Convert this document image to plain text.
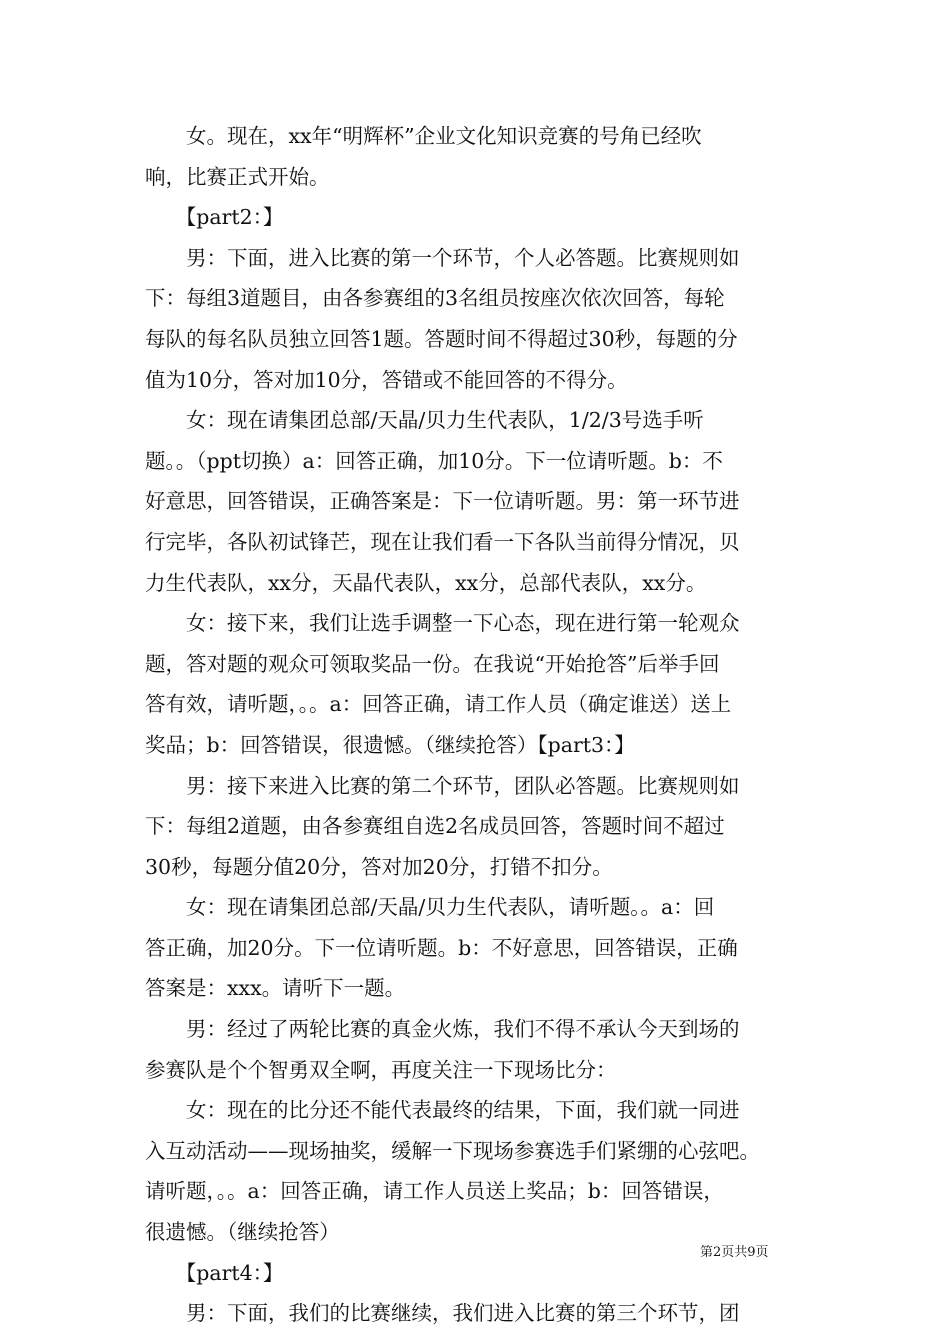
　　女。现在，xx年“明辉杯”企业文化知识竞赛的号角已经吹
响，比赛正式开始。
　　【part2：】
　　男：下面，进入比赛的第一个环节，个人必答题。比赛规则如
下：每组3道题目，由各参赛组的3名组员按座次依次回答，每轮
每队的每名队员独立回答1题。答题时间不得超过30秒，每题的分
值为10分，答对加10分，答错或不能回答的不得分。
　　女：现在请集团总部/天晶/贝力生代表队，1/2/3号选手听
题。。（ppt切换）a：回答正确，加10分。下一位请听题。b：不
好意思，回答错误，正确答案是：下一位请听题。男：第一环节进
行完毕，各队初试锋芒，现在让我们看一下各队当前得分情况，贝
力生代表队，xx分，天晶代表队，xx分，总部代表队，xx分。
　　女：接下来，我们让选手调整一下心态，现在进行第一轮观众
题，答对题的观众可领取奖品一份。在我说“开始抢答”后举手回
答有效，请听题，。。a：回答正确，请工作人员（确定谁送）送上
奖品；b：回答错误，很遗憾。（继续抢答）【part3：】
　　男：接下来进入比赛的第二个环节，团队必答题。比赛规则如
下：每组2道题，由各参赛组自选2名成员回答，答题时间不超过
30秒，每题分值20分，答对加20分，打错不扣分。
　　女：现在请集团总部/天晶/贝力生代表队，请听题。。a：回
答正确，加20分。下一位请听题。b：不好意思，回答错误，正确
答案是：xxx。请听下一题。
　　男：经过了两轮比赛的真金火炼，我们不得不承认今天到场的
参赛队是个个智勇双全啊，再度关注一下现场比分：
　　女：现在的比分还不能代表最终的结果，下面，我们就一同进
入互动活动——现场抽奖，缓解一下现场参赛选手们紧绷的心弦吧。
请听题，。。a：回答正确，请工作人员送上奖品；b：回答错误，
很遗憾。（继续抢答）
　　【part4：】
　　男：下面，我们的比赛继续，我们进入比赛的第三个环节，团
第2页共9页
